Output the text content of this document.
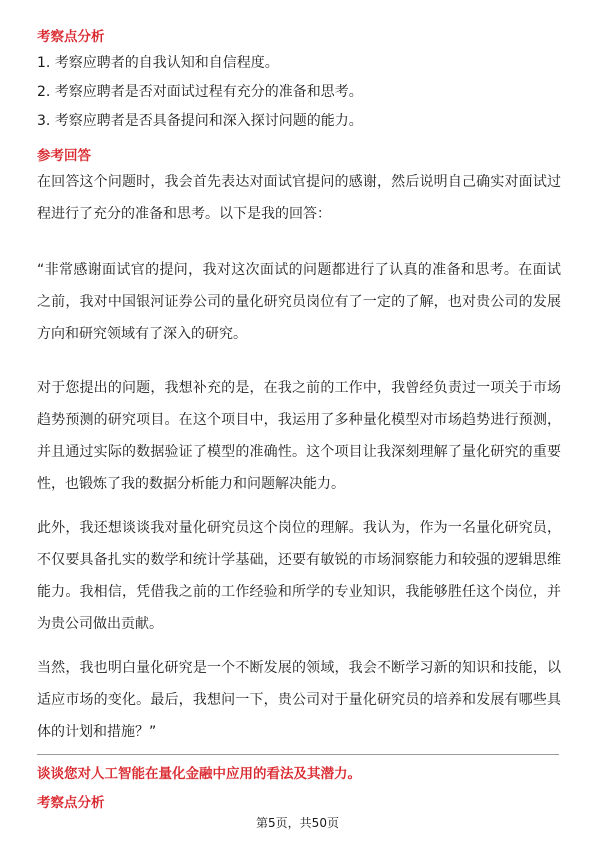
考察点分析
1. 考察应聘者的自我认知和自信程度。
2. 考察应聘者是否对面试过程有充分的准备和思考。
3. 考察应聘者是否具备提问和深入探讨问题的能力。
参考回答
在回答这个问题时，我会首先表达对面试官提问的感谢，然后说明自己确实对面试过程进行了充分的准备和思考。以下是我的回答：
“非常感谢面试官的提问，我对这次面试的问题都进行了认真的准备和思考。在面试之前，我对中国银河证券公司的量化研究员岗位有了一定的了解，也对贵公司的发展方向和研究领域有了深入的研究。
对于您提出的问题，我想补充的是，在我之前的工作中，我曾经负责过一项关于市场趋势预测的研究项目。在这个项目中，我运用了多种量化模型对市场趋势进行预测，并且通过实际的数据验证了模型的准确性。这个项目让我深刻理解了量化研究的重要性，也锻炼了我的数据分析能力和问题解决能力。
此外，我还想谈谈我对量化研究员这个岗位的理解。我认为，作为一名量化研究员，不仅要具备扎实的数学和统计学基础，还要有敏锐的市场洞察能力和较强的逻辑思维能力。我相信，凭借我之前的工作经验和所学的专业知识，我能够胜任这个岗位，并为贵公司做出贡献。
当然，我也明白量化研究是一个不断发展的领域，我会不断学习新的知识和技能，以适应市场的变化。最后，我想问一下，贵公司对于量化研究员的培养和发展有哪些具体的计划和措施？”
谈谈您对人工智能在量化金融中应用的看法及其潜力。
考察点分析
第5页，共50页
